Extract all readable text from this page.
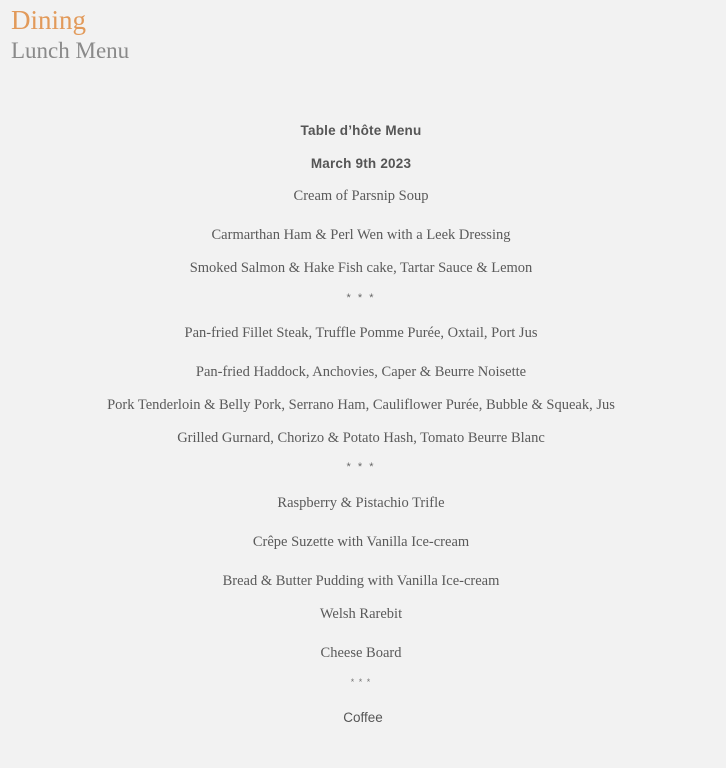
Dining
Lunch Menu
Table d’hôte Menu
March 9th 2023
Cream of Parsnip Soup
Carmarthan Ham & Perl Wen with a Leek Dressing
Smoked Salmon & Hake Fish cake, Tartar Sauce & Lemon
* * *
Pan-fried Fillet Steak, Truffle Pomme Purée, Oxtail, Port Jus
Pan-fried Haddock, Anchovies, Caper & Beurre Noisette
Pork Tenderloin & Belly Pork, Serrano Ham, Cauliflower Purée, Bubble & Squeak, Jus
Grilled Gurnard, Chorizo & Potato Hash, Tomato Beurre Blanc
* * *
Raspberry & Pistachio Trifle
Crêpe Suzette with Vanilla Ice-cream
Bread & Butter Pudding with Vanilla Ice-cream
Welsh Rarebit
Cheese Board
* * *
Coffee
